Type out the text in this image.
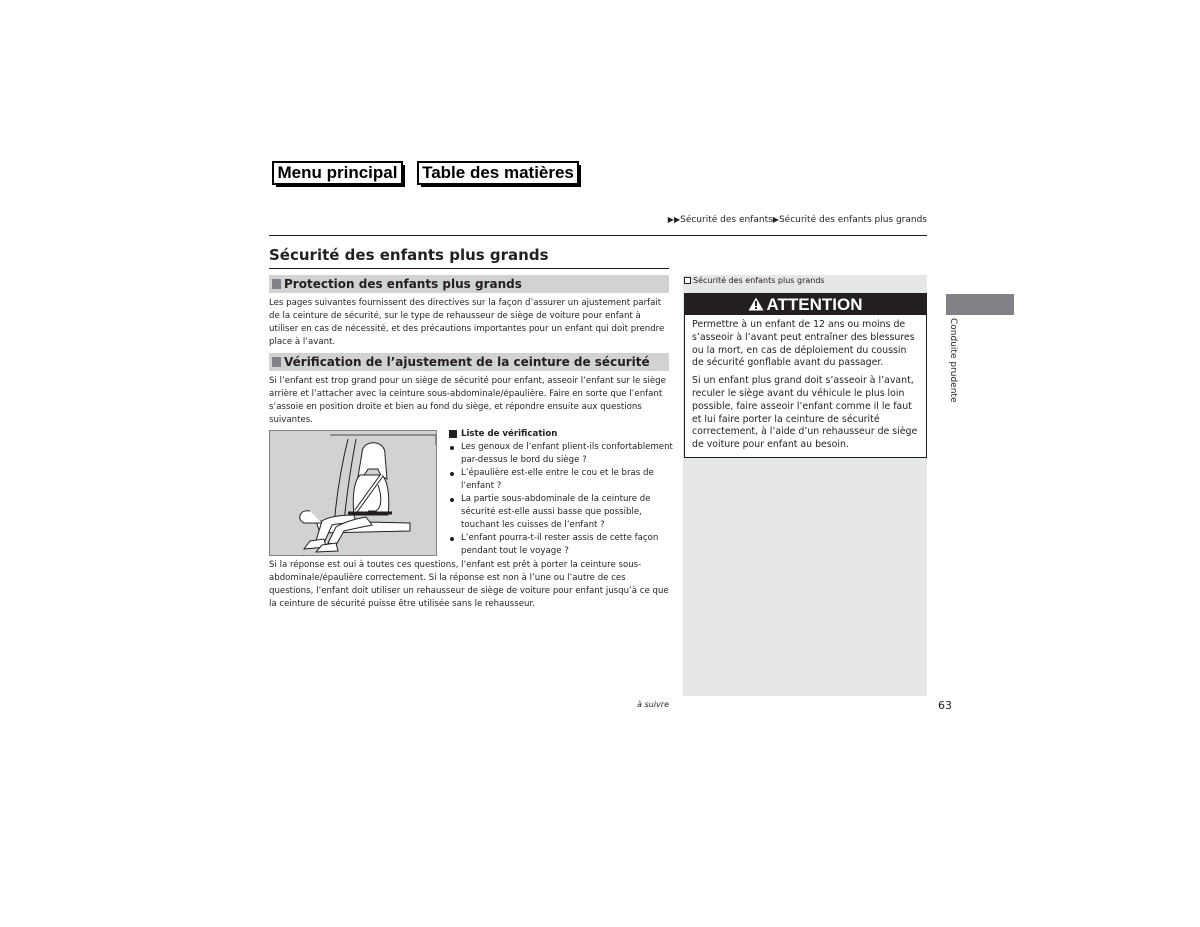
Menu principal	Table des matières
▶▶Sécurité des enfants▶Sécurité des enfants plus grands
Sécurité des enfants plus grands
Protection des enfants plus grands
Les pages suivantes fournissent des directives sur la façon d’assurer un ajustement parfait de la ceinture de sécurité, sur le type de rehausseur de siège de voiture pour enfant à utiliser en cas de nécessité, et des précautions importantes pour un enfant qui doit prendre place à l’avant.
Vérification de l’ajustement de la ceinture de sécurité
Si l’enfant est trop grand pour un siège de sécurité pour enfant, asseoir l’enfant sur le siège arrière et l’attacher avec la ceinture sous-abdominale/épaulière. Faire en sorte que l’enfant s’assoie en position droite et bien au fond du siège, et répondre ensuite aux questions suivantes.
Liste de vérification
Les genoux de l’enfant plient-ils confortablement par-dessus le bord du siège ?
L’épaulière est-elle entre le cou et le bras de l’enfant ?
La partie sous-abdominale de la ceinture de sécurité est-elle aussi basse que possible, touchant les cuisses de l’enfant ?
L’enfant pourra-t-il rester assis de cette façon pendant tout le voyage ?
Si la réponse est oui à toutes ces questions, l’enfant est prêt à porter la ceinture sous-abdominale/épaulière correctement. Si la réponse est non à l’une ou l’autre de ces questions, l’enfant doit utiliser un rehausseur de siège de voiture pour enfant jusqu’à ce que la ceinture de sécurité puisse être utilisée sans le rehausseur.
à suivre
Sécurité des enfants plus grands
ATTENTION

Permettre à un enfant de 12 ans ou moins de s’asseoir à l’avant peut entraîner des blessures ou la mort, en cas de déploiement du coussin de sécurité gonflable avant du passager.

Si un enfant plus grand doit s’asseoir à l’avant, reculer le siège avant du véhicule le plus loin possible, faire asseoir l’enfant comme il le faut et lui faire porter la ceinture de sécurité correctement, à l’aide d’un rehausseur de siège de voiture pour enfant au besoin.

Conduite prudente
63
